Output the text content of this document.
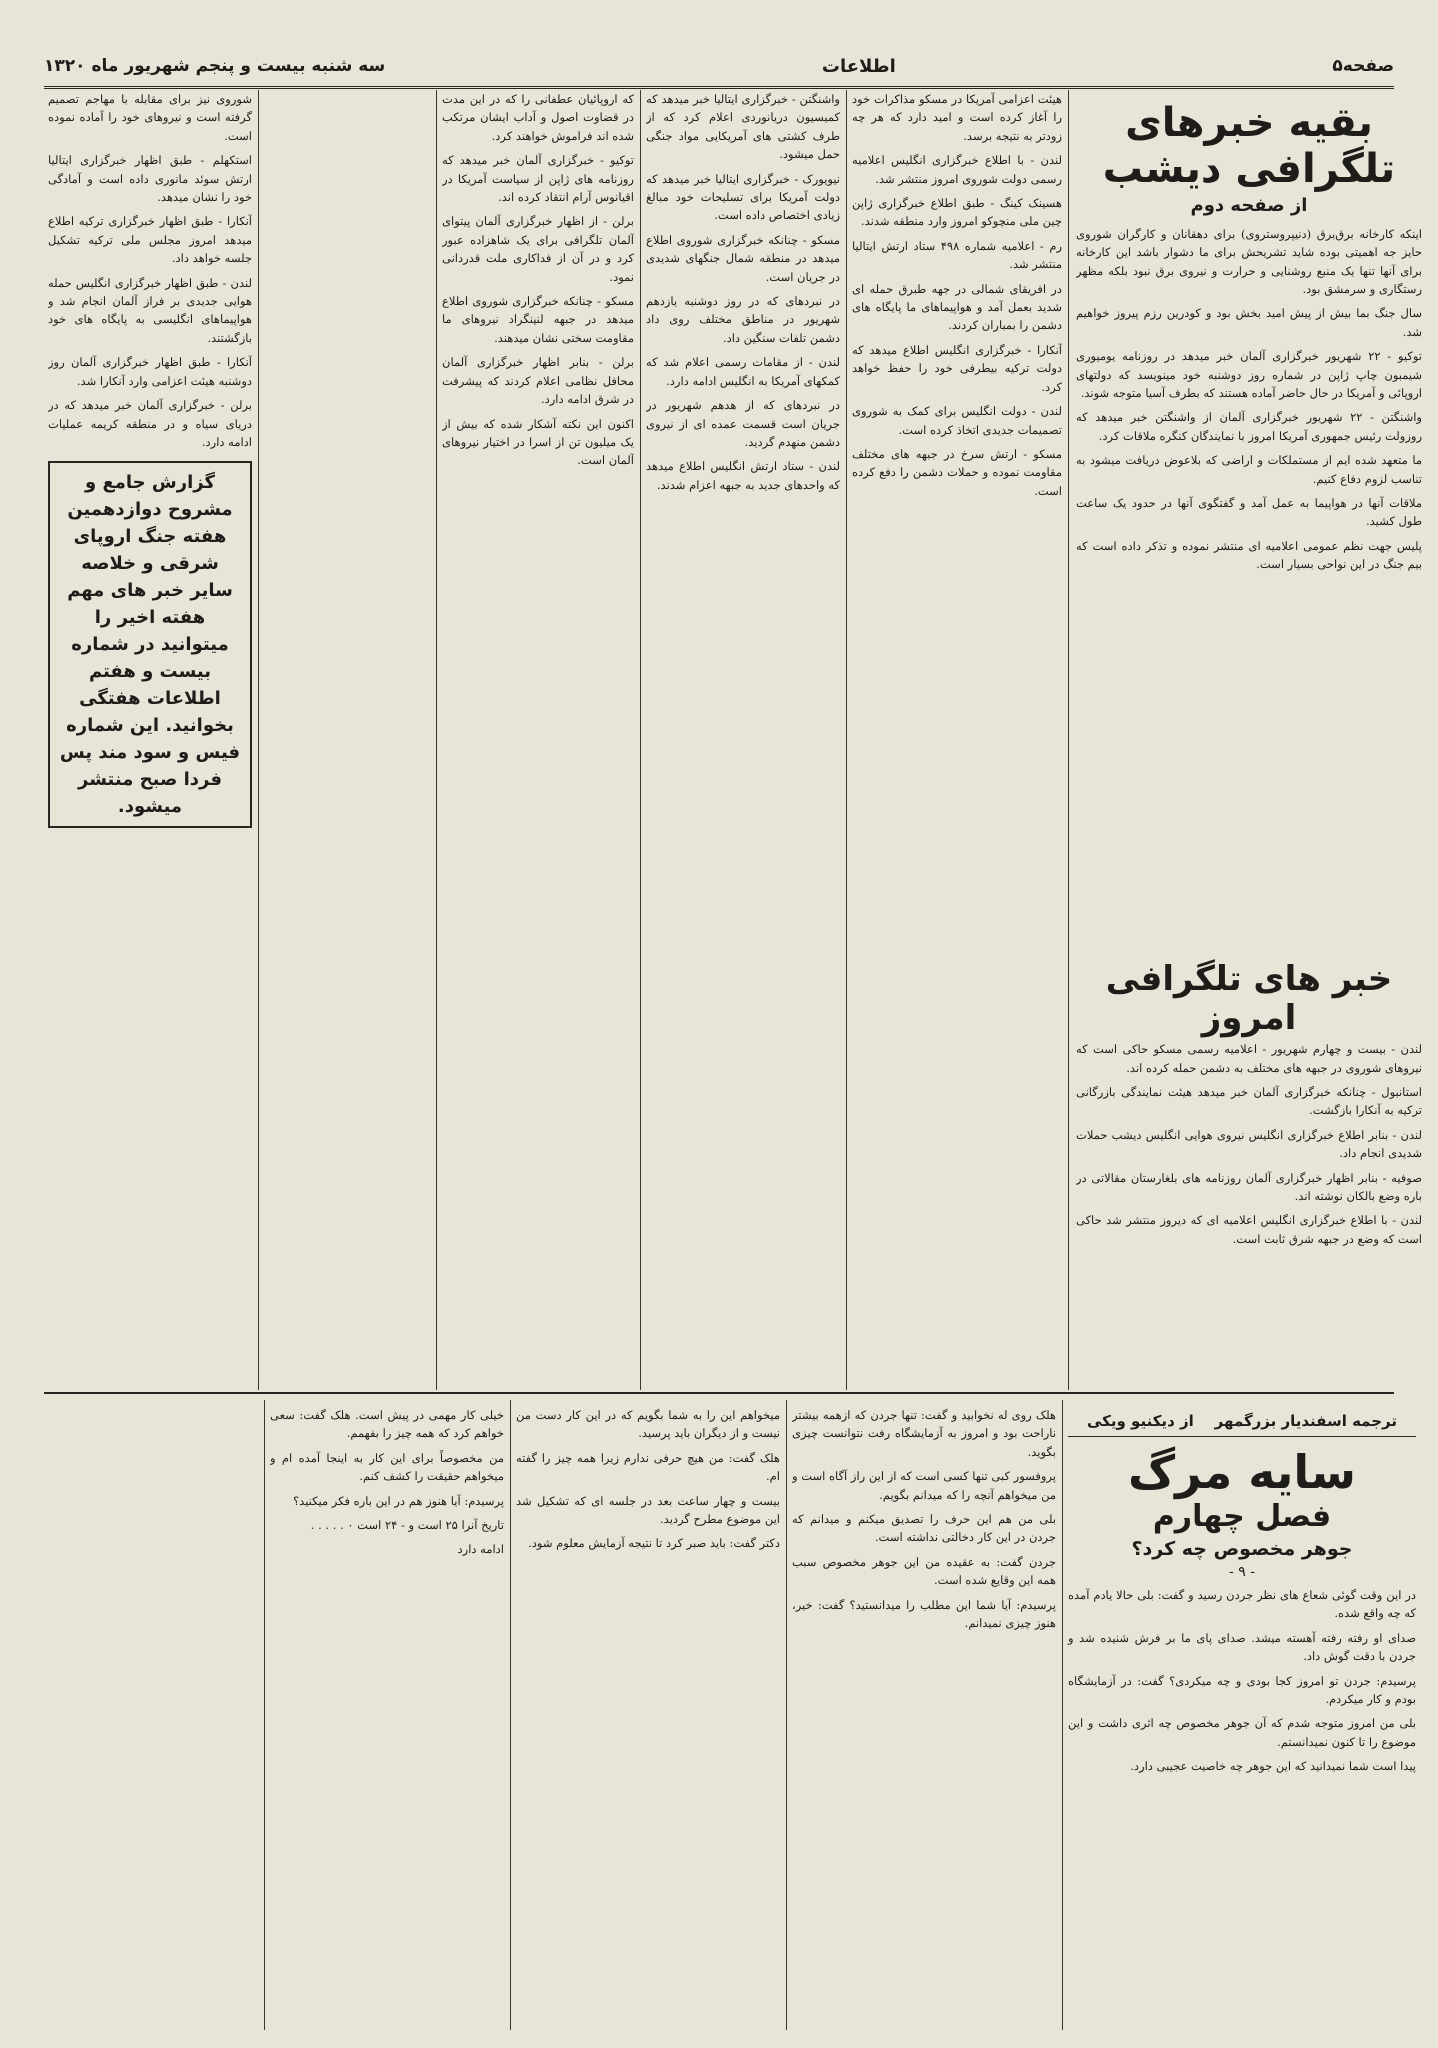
صفحه۵
اطلاعات
سه شنبه بیست و پنجم شهریور ماه ۱۳۲۰
بقیه خبرهای تلگرافی دیشب
از صفحه دوم

اینکه کارخانه برق‌برق (دنیپروستروی) برای دهقانان و کارگران شوروی حایز جه اهمیتی بوده شاید تشریحش برای ما دشوار باشد این کارخانه برای آنها تنها یک منبع روشنایی و حرارت و نیروی برق نبود بلکه مظهر رستگاری و سرمشق بود.

سال جنگ بما بیش از پیش امید بخش بود و کودرین رزم پیروز خواهیم شد.

توکیو - ۲۲ شهریور خبرگزاری آلمان خبر میدهد در روزنامه یومیوری شیمبون چاپ ژاپن در شماره روز دوشنبه خود مینویسد که دولتهای اروپائی و آمریکا در حال حاضر آماده هستند که بطرف آسیا متوجه شوند.

واشنگتن - ۲۲ شهریور خبرگزاری آلمان از واشنگتن خبر میدهد که روزولت رئیس جمهوری آمریکا امروز با نمایندگان کنگره ملاقات کرد.

ما متعهد شده ایم از مستملکات و اراضی که بلاعوض دریافت میشود به تناسب لزوم دفاع کنیم.

ملاقات آنها در هواپیما به عمل آمد و گفتگوی آنها در حدود یک ساعت طول کشید.

پلیس جهت نظم عمومی اعلامیه ای منتشر نموده و تذکر داده است که بیم جنگ در این نواحی بسیار است.

خبر های تلگرافی امروز

لندن - بیست و چهارم شهریور - اعلامیه رسمی مسکو حاکی است که نیروهای شوروی در جبهه های مختلف به دشمن حمله کرده اند.

استانبول - چنانکه خبرگزاری آلمان خبر میدهد هیئت نمایندگی بازرگانی ترکیه به آنکارا بازگشت.

لندن - بنابر اطلاع خبرگزاری انگلیس نیروی هوایی انگلیس دیشب حملات شدیدی انجام داد.

صوفیه - بنابر اظهار خبرگزاری آلمان روزنامه های بلغارستان مقالاتی در باره وضع بالکان نوشته اند.

لندن - با اطلاع خبرگزاری انگلیس اعلامیه ای که دیروز منتشر شد حاکی است که وضع در جبهه شرق ثابت است.

هیئت اعزامی آمریکا در مسکو مذاکرات خود را آغاز کرده است و امید دارد که هر چه زودتر به نتیجه برسد.

لندن - با اطلاع خبرگزاری انگلیس اعلامیه رسمی دولت شوروی امروز منتشر شد.

هسینک کینگ - طبق اطلاع خبرگزاری ژاپن چین ملی منچوکو امروز وارد منطقه شدند.

رم - اعلامیه شماره ۴۹۸ ستاد ارتش ایتالیا منتشر شد.

در افریقای شمالی در جهه طبرق حمله ای شدید بعمل آمد و هواپیماهای ما پایگاه های دشمن را بمباران کردند.

آنکارا - خبرگزاری انگلیس اطلاع میدهد که دولت ترکیه بیطرفی خود را حفظ خواهد کرد.

لندن - دولت انگلیس برای کمک به شوروی تصمیمات جدیدی اتخاذ کرده است.

مسکو - ارتش سرخ در جبهه های مختلف مقاومت نموده و حملات دشمن را دفع کرده است.

واشنگتن - خبرگزاری ایتالیا خبر میدهد که کمیسیون دریانوردی اعلام کرد که از طرف کشتی های آمریکایی مواد جنگی حمل میشود.

نیویورک - خبرگزاری ایتالیا خبر میدهد که دولت آمریکا برای تسلیحات خود مبالغ زیادی اختصاص داده است.

مسکو - چنانکه خبرگزاری شوروی اطلاع میدهد در منطقه شمال جنگهای شدیدی در جریان است.

در نبردهای که در روز دوشنبه یازدهم شهریور در مناطق مختلف روی داد دشمن تلفات سنگین داد.

لندن - از مقامات رسمی اعلام شد که کمکهای آمریکا به انگلیس ادامه دارد.

در نبردهای که از هدهم شهریور در جریان است قسمت عمده ای از نیروی دشمن منهدم گردید.

لندن - ستاد ارتش انگلیس اطلاع میدهد که واحدهای جدید به جبهه اعزام شدند.

که اروپائیان عطفانی را که در این مدت در قضاوت اصول و آداب ایشان مرتکب شده اند فراموش خواهند کرد.

توکیو - خبرگزاری آلمان خبر میدهد که روزنامه های ژاپن از سیاست آمریکا در اقیانوس آرام انتقاد کرده اند.

برلن - از اظهار خبرگزاری آلمان پیتوای آلمان تلگرافی برای یک شاهزاده عبور کرد و در آن از فداکاری ملت قدردانی نمود.

مسکو - چنانکه خبرگزاری شوروی اطلاع میدهد در جبهه لنینگراد نیروهای ما مقاومت سختی نشان میدهند.

برلن - بنابر اظهار خبرگزاری آلمان محافل نظامی اعلام کردند که پیشرفت در شرق ادامه دارد.

اکنون این نکته آشکار شده که بیش از یک میلیون تن از اسرا در اختیار نیروهای آلمان است.

شوروی نیز برای مقابله با مهاجم تصمیم گرفته است و نیروهای خود را آماده نموده است.

استکهلم - طبق اظهار خبرگزاری ایتالیا ارتش سوئد مانوری داده است و آمادگی خود را نشان میدهد.

آنکارا - طبق اظهار خبرگزاری ترکیه اطلاع میدهد امروز مجلس ملی ترکیه تشکیل جلسه خواهد داد.

لندن - طبق اظهار خبرگزاری انگلیس حمله هوایی جدیدی بر فراز آلمان انجام شد و هواپیماهای انگلیسی به پایگاه های خود بازگشتند.

آنکارا - طبق اظهار خبرگزاری آلمان روز دوشنبه هیئت اعزامی وارد آنکارا شد.

برلن - خبرگزاری آلمان خبر میدهد که در دریای سیاه و در منطقه کریمه عملیات ادامه دارد.

گزارش جامع و مشروح دوازدهمین هفته جنگ اروپای شرقی و خلاصه سایر خبر های مهم هفته اخیر را میتوانید در شماره بیست و هفتم اطلاعات هفتگی بخوانید. این شماره فیس و سود مند پس فردا صبح منتشر میشود.
ترجمه اسفندیار بزرگمهر    از دیکنیو ویکی
سایه مرگ
فصل چهارم
جوهر مخصوص چه کرد؟
- ۹ -

در این وقت گوئی شعاع های نظر جردن رسید و گفت: بلی حالا یادم آمده که چه واقع شده.

صدای او رفته رفته آهسته میشد. صدای پای ما بر فرش شنیده شد و جردن با دقت گوش داد.

پرسیدم: جردن تو امروز کجا بودی و چه میکردی؟ گفت: در آزمایشگاه بودم و کار میکردم.

بلی من امروز متوجه شدم که آن جوهر مخصوص چه اثری داشت و این موضوع را تا کنون نمیدانستم.

پیدا است شما نمیدانید که این جوهر چه خاصیت عجیبی دارد.

هلک روی له نخوابید و گفت: تنها جردن که ازهمه بیشتر ناراحت بود و امروز به آزمایشگاه رفت نتوانست چیزی بگوید.

پروفسور کبی تنها کسی است که از این راز آگاه است و من میخواهم آنچه را که میدانم بگویم.

بلی من هم این حرف را تصدیق میکنم و میدانم که جردن در این کار دخالتی نداشته است.

جردن گفت: به عقیده من این جوهر مخصوص سبب همه این وقایع شده است.

پرسیدم: آیا شما این مطلب را میدانستید؟ گفت: خیر، هنوز چیزی نمیدانم.

میخواهم این را به شما بگویم که در این کار دست من نیست و از دیگران باید پرسید.

هلک گفت: من هیچ حرفی ندارم زیرا همه چیز را گفته ام.

بیست و چهار ساعت بعد در جلسه ای که تشکیل شد این موضوع مطرح گردید.

دکتر گفت: باید صبر کرد تا نتیجه آزمایش معلوم شود.

خیلی کار مهمی در پیش است. هلک گفت: سعی خواهم کرد که همه چیز را بفهمم.

من مخصوصاً برای این کار به اینجا آمده ام و میخواهم حقیقت را کشف کنم.

پرسیدم: آیا هنوز هم در این باره فکر میکنید؟

تاریخ آنرا ۲۵ است و - ۲۴ است ۰ . . . . .

ادامه دارد
